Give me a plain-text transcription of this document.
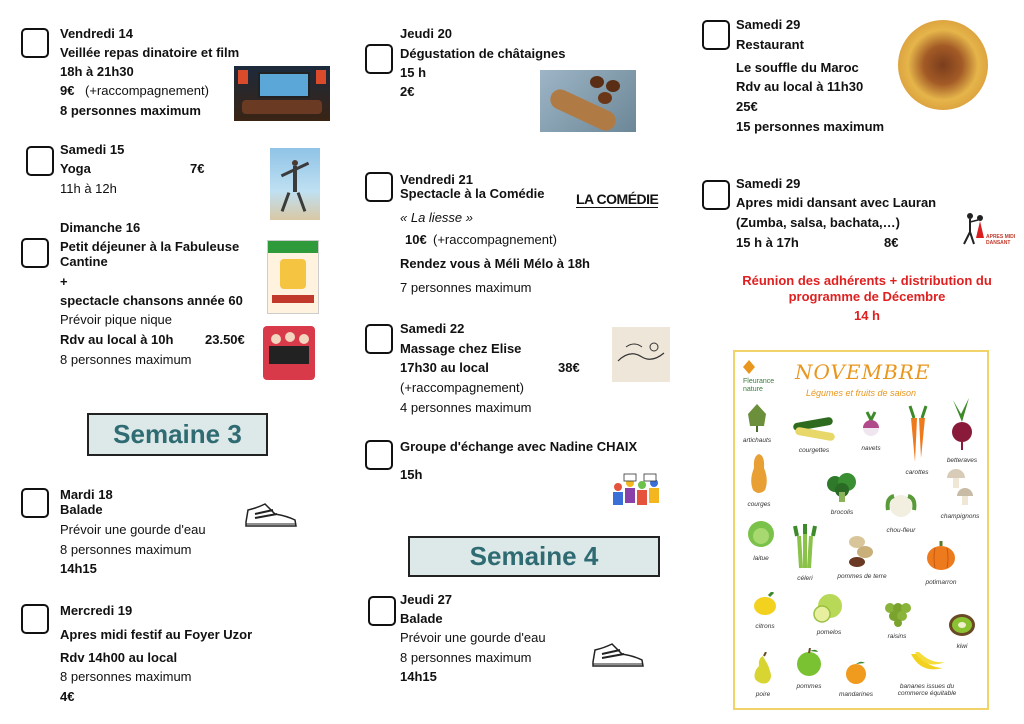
Vendredi 14
Veillée repas dinatoire et film
18h à 21h30
9€ (+raccompagnement)
8 personnes maximum
Samedi 15
Yoga	7€
11h à 12h
Dimanche 16
Petit déjeuner à la Fabuleuse
Cantine
+
spectacle chansons année 60
Prévoir pique nique
Rdv au local à 10h 23.50€
8 personnes maximum
Semaine 3
Mardi 18
Balade
Prévoir une gourde d'eau
8 personnes maximum
14h15
Mercredi 19
Apres midi festif au Foyer Uzor
Rdv 14h00 au local
8 personnes maximum
4€
Jeudi 20
Dégustation de châtaignes
15 h
2€
Vendredi 21
Spectacle à la Comédie LA COMÉDIE
« La liesse »
10€ (+raccompagnement)
Rendez vous à Méli Mélo à 18h
7 personnes maximum
Samedi 22
Massage chez Elise
17h30 au local	38€
(+raccompagnement)
4 personnes maximum
Groupe d'échange avec Nadine CHAIX
15h
Semaine 4
Jeudi 27
Balade
Prévoir une gourde d'eau
8 personnes maximum
14h15
Samedi 29
Restaurant
Le souffle du Maroc
Rdv au local à 11h30
25€
15 personnes maximum
Samedi 29
Apres midi dansant avec Lauran
(Zumba, salsa, bachata,…)
15 h à 17h	8€	APRES MIDI DANSANT
Réunion des adhérents + distribution du
programme de Décembre
14 h
Fleurance nature
NOVEMBRE
Légumes et fruits de saison
artichauts
courgettes	navets
carottes
betteraves
courges
brocolis
chou-fleur
champignons
laitue
céleri	pommes de terre
potimarron
citrons
pomelos
raisins
kiwi
poire
pommes
mandarines
bananes issues du
commerce équitable
